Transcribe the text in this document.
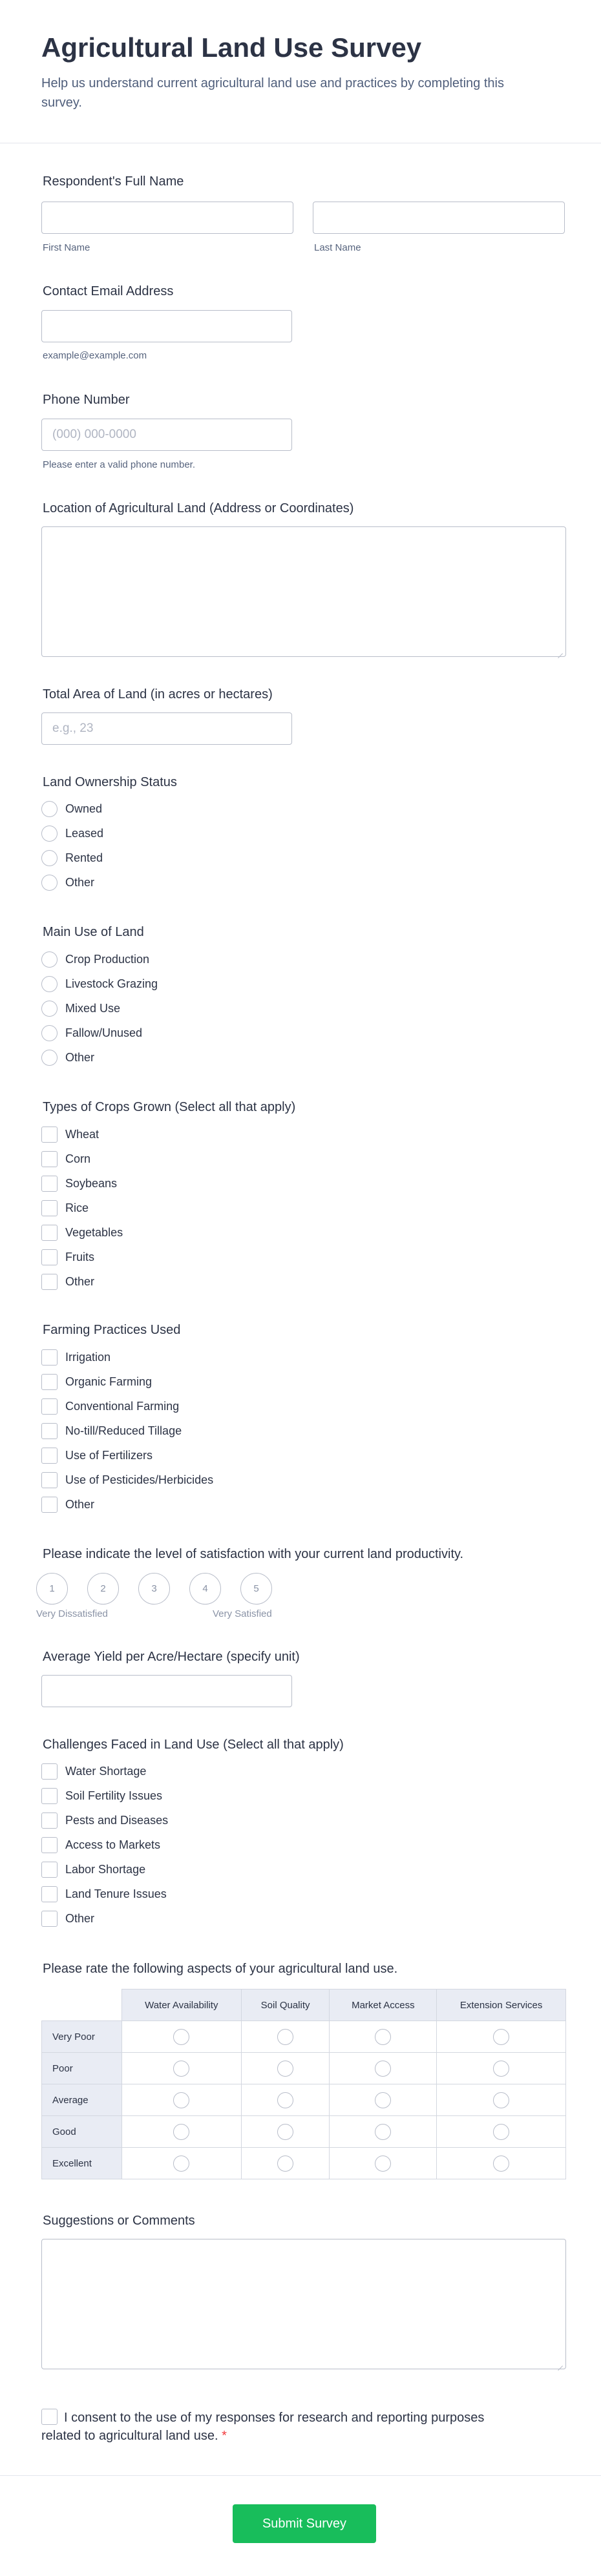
Agricultural Land Use Survey

Help us understand current agricultural land use and practices by completing this survey.

Respondent's Full Name
First Name	Last Name
Contact Email Address
example@example.com
Phone Number
(000) 000-0000
Please enter a valid phone number.
Location of Agricultural Land (Address or Coordinates)
Total Area of Land (in acres or hectares)
e.g., 23
Land Ownership Status
Owned
Leased
Rented
Other
Main Use of Land
Crop Production
Livestock Grazing
Mixed Use
Fallow/Unused
Other
Types of Crops Grown (Select all that apply)
Wheat
Corn
Soybeans
Rice
Vegetables
Fruits
Other
Farming Practices Used
Irrigation
Organic Farming
Conventional Farming
No-till/Reduced Tillage
Use of Fertilizers
Use of Pesticides/Herbicides
Other
Please indicate the level of satisfaction with your current land productivity.
1	2	3	4	5
Very Dissatisfied	Very Satisfied
Average Yield per Acre/Hectare (specify unit)
Challenges Faced in Land Use (Select all that apply)
Water Shortage
Soil Fertility Issues
Pests and Diseases
Access to Markets
Labor Shortage
Land Tenure Issues
Other
Please rate the following aspects of your agricultural land use.
	Water Availability	Soil Quality	Market Access	Extension Services
Very Poor				
Poor				
Average				
Good				
Excellent				
Suggestions or Comments
I consent to the use of my responses for research and reporting purposes related to agricultural land use. *
Submit Survey
